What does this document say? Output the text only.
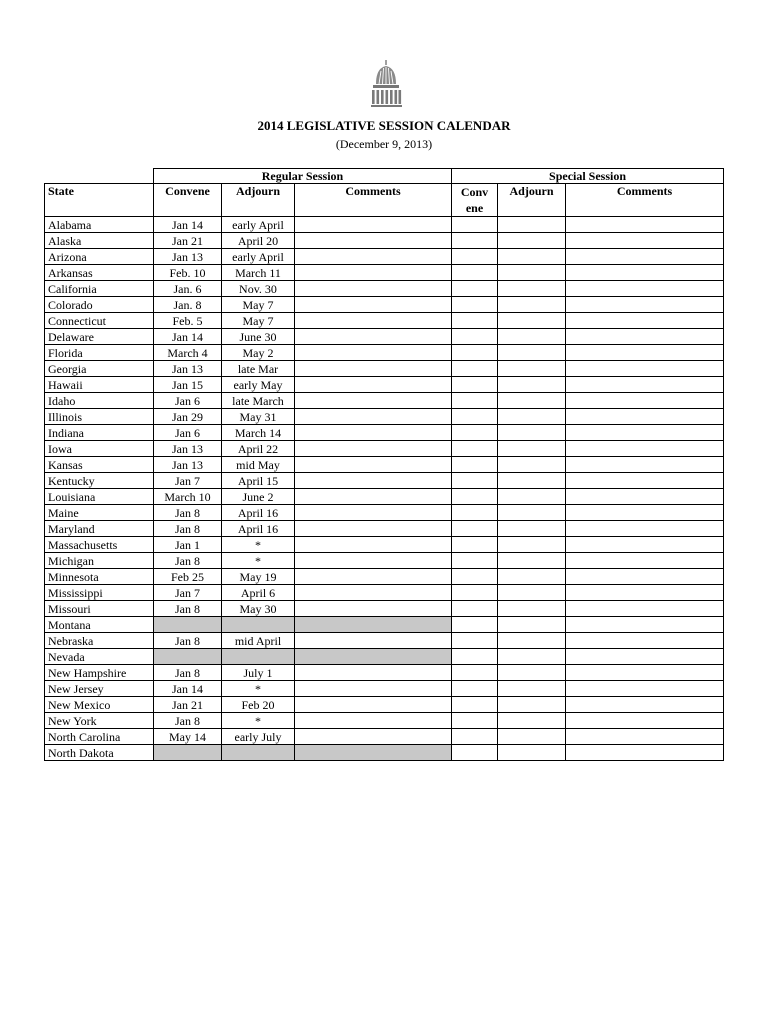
2014 LEGISLATIVE SESSION CALENDAR
(December 9, 2013)
	Regular Session			Special Session		
State	Convene	Adjourn	Comments	Conv ene	Adjourn	Comments
Alabama	Jan 14	early April				
Alaska	Jan 21	April 20				
Arizona	Jan 13	early April				
Arkansas	Feb. 10	March 11				
California	Jan. 6	Nov. 30				
Colorado	Jan. 8	May 7				
Connecticut	Feb. 5	May 7				
Delaware	Jan 14	June 30				
Florida	March 4	May 2				
Georgia	Jan 13	late Mar				
Hawaii	Jan 15	early May				
Idaho	Jan 6	late March				
Illinois	Jan 29	May 31				
Indiana	Jan 6	March 14				
Iowa	Jan 13	April 22				
Kansas	Jan 13	mid May				
Kentucky	Jan 7	April 15				
Louisiana	March 10	June 2				
Maine	Jan 8	April 16				
Maryland	Jan 8	April 16				
Massachusetts	Jan 1	*				
Michigan	Jan 8	*				
Minnesota	Feb 25	May 19				
Mississippi	Jan 7	April 6				
Missouri	Jan 8	May 30				
Montana						
Nebraska	Jan 8	mid April				
Nevada						
New Hampshire	Jan 8	July 1				
New Jersey	Jan 14	*				
New Mexico	Jan 21	Feb 20				
New York	Jan 8	*				
North Carolina	May 14	early July				
North Dakota						
